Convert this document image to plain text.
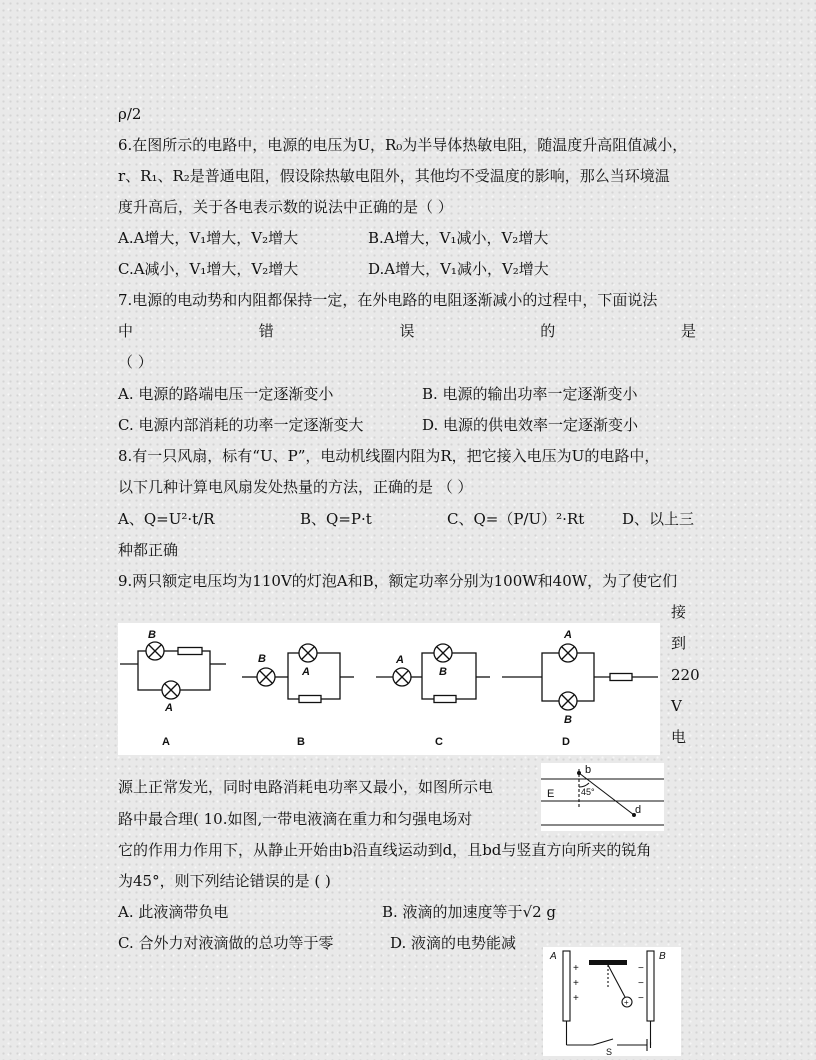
ρ/2
6.在图所示的电路中，电源的电压为U，R₀为半导体热敏电阻，随温度升高阻值减小，
r、R₁、R₂是普通电阻，假设除热敏电阻外，其他均不受温度的影响，那么当环境温
度升高后，关于各电表示数的说法中正确的是（ ）
A.A增大，V₁增大，V₂增大	B.A增大，V₁减小，V₂增大
C.A减小，V₁增大，V₂增大	D.A增大，V₁减小，V₂增大
7.电源的电动势和内阻都保持一定，在外电路的电阻逐渐减小的过程中，下面说法
中	错	误	的	是
（ ）
A. 电源的路端电压一定逐渐变小	B. 电源的输出功率一定逐渐变小
C. 电源内部消耗的功率一定逐渐变大	D. 电源的供电效率一定逐渐变小
8.有一只风扇，标有“U、P”，电动机线圈内阻为R，把它接入电压为U的电路中，
以下几种计算电风扇发处热量的方法，正确的是 （ ）
A、Q=U²·t/R	B、Q=P·t	C、Q=（P/U）²·Rt	D、以上三
种都正确
9.两只额定电压均为110V的灯泡A和B，额定功率分别为100W和40W，为了使它们
接
到
220
V
电
B
A
B
A
A
B
A
B
A	B	C	D
源上正常发光，同时电路消耗电功率又最小，如图所示电
路中最合理( 10.如图,一带电液滴在重力和匀强电场对
b
d
E	45°
它的作用力作用下，从静止开始由b沿直线运动到d，且bd与竖直方向所夹的锐角
为45°，则下列结论错误的是 ( )
A. 此液滴带负电	B. 液滴的加速度等于√2 g
C. 合外力对液滴做的总功等于零	D. 液滴的电势能减
A	B
+
+
+
−
−
−
+
S
